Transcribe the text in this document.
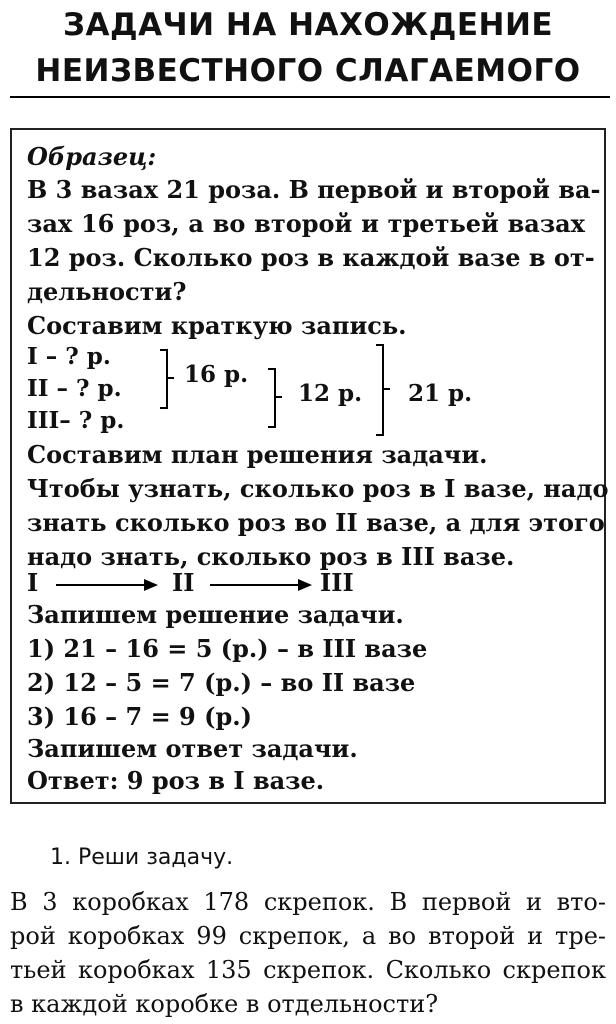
ЗАДАЧИ НА НАХОЖДЕНИЕ
НЕИЗВЕСТНОГО СЛАГАЕМОГО
Образец:
В 3 вазах 21 роза. В первой и второй ва-
зах 16 роз, а во второй и третьей вазах
12 роз. Сколько роз в каждой вазе в от-
дельности?
Составим краткую запись.
I – ? р.
II – ? р.
III– ? р.
16 р.
12 р. 21 р.
Составим план решения задачи.
Чтобы узнать, сколько роз в I вазе, надо
знать сколько роз во II вазе, а для этого
надо знать, сколько роз в III вазе.
I	II	III
Запишем решение задачи.
1) 21 – 16 = 5 (р.) – в III вазе
2) 12 – 5 = 7 (р.) – во II вазе
3) 16 – 7 = 9 (р.)
Запишем ответ задачи.
Ответ: 9 роз в I вазе.
1. Реши задачу.
В 3 коробках 178 скрепок. В первой и вто-
рой коробках 99 скрепок, а во второй и тре-
тьей коробках 135 скрепок. Сколько скрепок
в каждой коробке в отдельности?
